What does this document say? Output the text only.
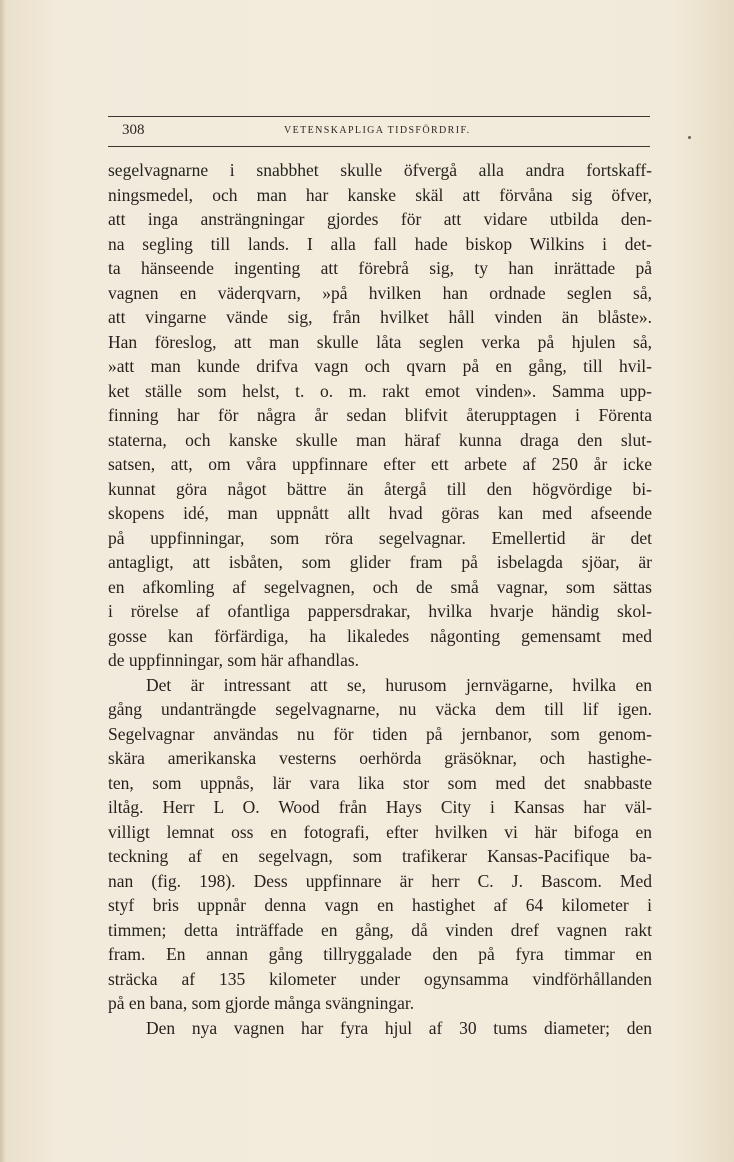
308	VETENSKAPLIGA TIDSFÖRDRIF.
segelvagnarne i snabbhet skulle öfvergå alla andra fortskaff-
ningsmedel, och man har kanske skäl att förvåna sig öfver,
att inga ansträngningar gjordes för att vidare utbilda den-
na segling till lands. I alla fall hade biskop Wilkins i det-
ta hänseende ingenting att förebrå sig, ty han inrättade på
vagnen en väderqvarn, »på hvilken han ordnade seglen så,
att vingarne vände sig, från hvilket håll vinden än blåste».
Han föreslog, att man skulle låta seglen verka på hjulen så,
»att man kunde drifva vagn och qvarn på en gång, till hvil-
ket ställe som helst, t. o. m. rakt emot vinden». Samma upp-
finning har för några år sedan blifvit återupptagen i Förenta
staterna, och kanske skulle man häraf kunna draga den slut-
satsen, att, om våra uppfinnare efter ett arbete af 250 år icke
kunnat göra något bättre än återgå till den högvördige bi-
skopens idé, man uppnått allt hvad göras kan med afseende
på uppfinningar, som röra segelvagnar. Emellertid är det
antagligt, att isbåten, som glider fram på isbelagda sjöar, är
en afkomling af segelvagnen, och de små vagnar, som sättas
i rörelse af ofantliga pappersdrakar, hvilka hvarje händig skol-
gosse kan förfärdiga, ha likaledes någonting gemensamt med
de uppfinningar, som här afhandlas.
Det är intressant att se, hurusom jernvägarne, hvilka en
gång undanträngde segelvagnarne, nu väcka dem till lif igen.
Segelvagnar användas nu för tiden på jernbanor, som genom-
skära amerikanska vesterns oerhörda gräsöknar, och hastighe-
ten, som uppnås, lär vara lika stor som med det snabbaste
iltåg. Herr L O. Wood från Hays City i Kansas har väl-
villigt lemnat oss en fotografi, efter hvilken vi här bifoga en
teckning af en segelvagn, som trafikerar Kansas-Pacifique ba-
nan (fig. 198). Dess uppfinnare är herr C. J. Bascom. Med
styf bris uppnår denna vagn en hastighet af 64 kilometer i
timmen; detta inträffade en gång, då vinden dref vagnen rakt
fram. En annan gång tillryggalade den på fyra timmar en
sträcka af 135 kilometer under ogynsamma vindförhållanden
på en bana, som gjorde många svängningar.
Den nya vagnen har fyra hjul af 30 tums diameter; den
